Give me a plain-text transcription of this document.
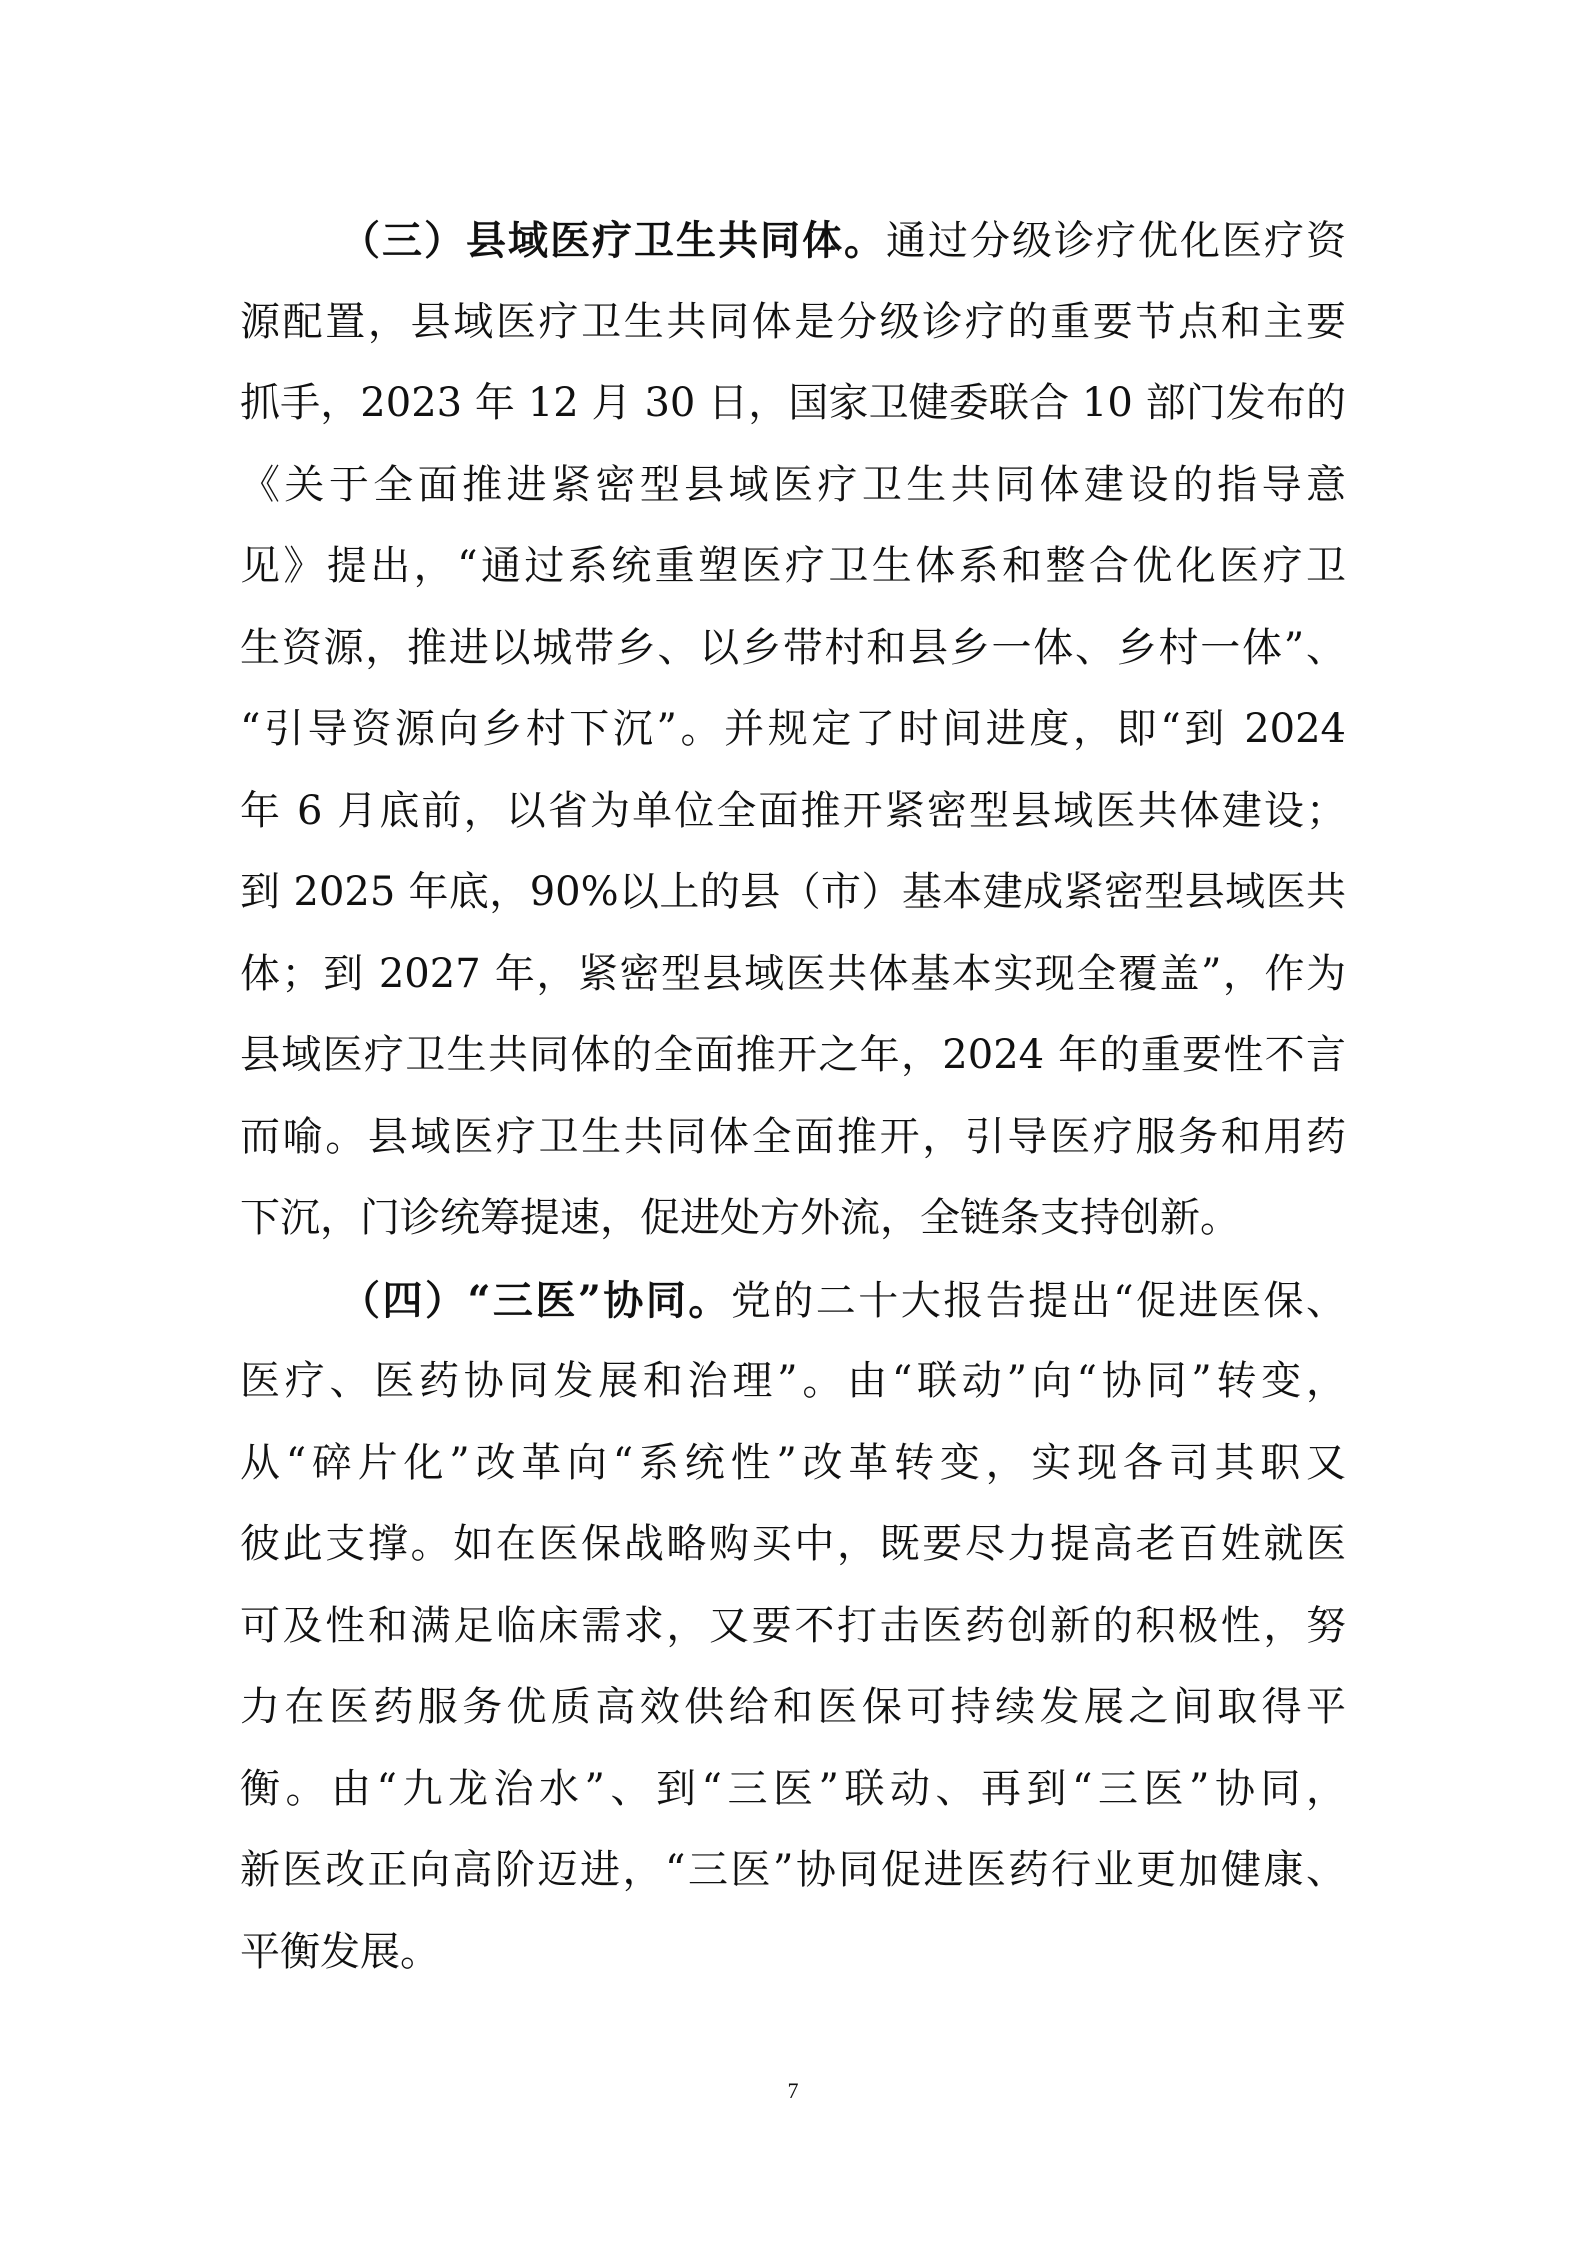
（三）县域医疗卫生共同体。通过分级诊疗优化医疗资
源配置，县域医疗卫生共同体是分级诊疗的重要节点和主要
抓手，2023 年 12 月 30 日，国家卫健委联合 10 部门发布的
《关于全面推进紧密型县域医疗卫生共同体建设的指导意
见》提出，“通过系统重塑医疗卫生体系和整合优化医疗卫
生资源，推进以城带乡、以乡带村和县乡一体、乡村一体”、
“引导资源向乡村下沉”。并规定了时间进度，即“到 2024
年 6 月底前，以省为单位全面推开紧密型县域医共体建设；
到 2025 年底，90%以上的县（市）基本建成紧密型县域医共
体；到 2027 年，紧密型县域医共体基本实现全覆盖”，作为
县域医疗卫生共同体的全面推开之年，2024 年的重要性不言
而喻。县域医疗卫生共同体全面推开，引导医疗服务和用药
下沉，门诊统筹提速，促进处方外流，全链条支持创新。
（四）“三医”协同。党的二十大报告提出“促进医保、
医疗、医药协同发展和治理”。由“联动”向“协同”转变，
从“碎片化”改革向“系统性”改革转变，实现各司其职又
彼此支撑。如在医保战略购买中，既要尽力提高老百姓就医
可及性和满足临床需求，又要不打击医药创新的积极性，努
力在医药服务优质高效供给和医保可持续发展之间取得平
衡。由“九龙治水”、到“三医”联动、再到“三医”协同，
新医改正向高阶迈进，“三医”协同促进医药行业更加健康、
平衡发展。
7
